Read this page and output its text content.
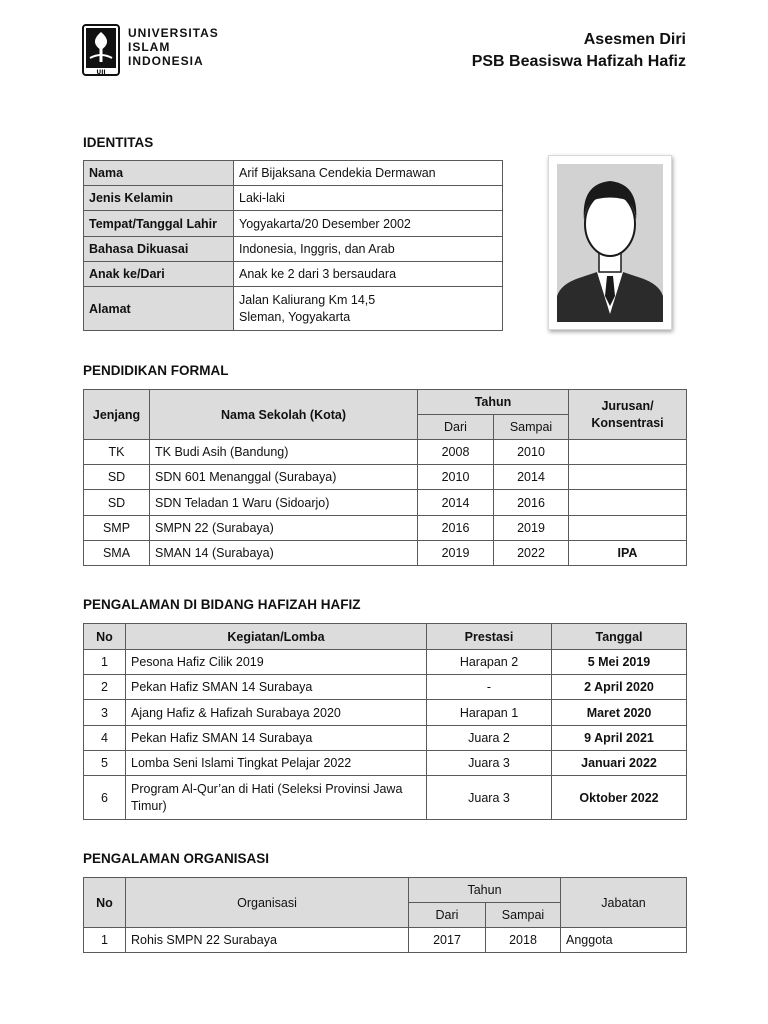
UII
UNIVERSITAS
ISLAM
INDONESIA
Asesmen Diri
PSB Beasiswa Hafizah Hafiz
IDENTITAS
Nama	Arif Bijaksana Cendekia Dermawan
Jenis Kelamin	Laki-laki
Tempat/Tanggal Lahir	Yogyakarta/20 Desember 2002
Bahasa Dikuasai	Indonesia, Inggris, dan Arab
Anak ke/Dari	Anak ke 2 dari 3 bersaudara
Alamat	Jalan Kaliurang Km 14,5
Sleman, Yogyakarta
PENDIDIKAN FORMAL
Jenjang	Nama Sekolah (Kota)	Tahun		Jurusan/
Konsentrasi

		Dari	Sampai	
TK	TK Budi Asih (Bandung)	2008	2010	
SD	SDN 601 Menanggal (Surabaya)	2010	2014	
SD	SDN Teladan 1 Waru (Sidoarjo)	2014	2016	
SMP	SMPN 22 (Surabaya)	2016	2019	
SMA	SMAN 14 (Surabaya)	2019	2022	IPA
PENGALAMAN DI BIDANG HAFIZAH HAFIZ
No	Kegiatan/Lomba	Prestasi	Tanggal
1	Pesona Hafiz Cilik 2019	Harapan 2	5 Mei 2019
2	Pekan Hafiz SMAN 14 Surabaya	-	2 April 2020
3	Ajang Hafiz & Hafizah Surabaya 2020	Harapan 1	Maret 2020
4	Pekan Hafiz SMAN 14 Surabaya	Juara 2	9 April 2021
5	Lomba Seni Islami Tingkat Pelajar 2022	Juara 3	Januari 2022
6	Program Al-Qur’an di Hati (Seleksi Provinsi Jawa
Timur)	Juara 3	Oktober 2022
PENGALAMAN ORGANISASI
No	Organisasi	Tahun		Jabatan
		Dari	Sampai	
1	Rohis SMPN 22 Surabaya	2017	2018	Anggota
